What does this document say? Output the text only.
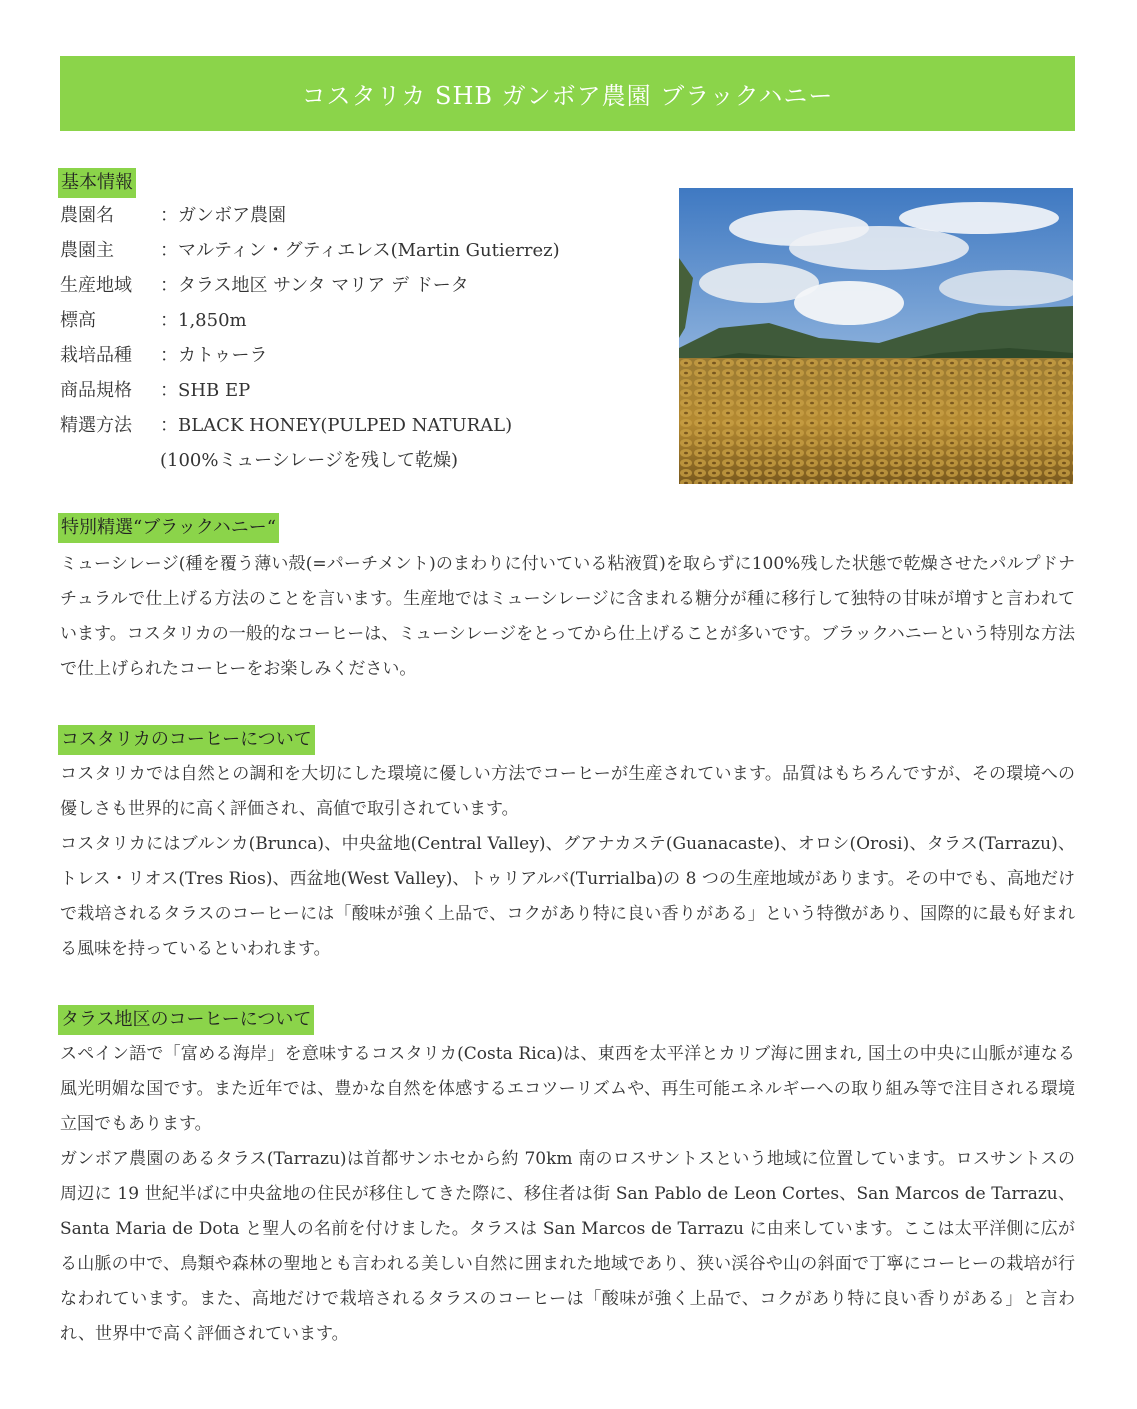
コスタリカ SHB ガンボア農園 ブラックハニー
基本情報
農園名	： ガンボア農園
農園主	： マルティン・グティエレス(Martin Gutierrez)
生産地域	： タラス地区 サンタ マリア デ ドータ
標高	： 1,850m
栽培品種	： カトゥーラ
商品規格	： SHB EP
精選方法	： BLACK HONEY(PULPED NATURAL)
(100%ミューシレージを残して乾燥)
特別精選“ブラックハニー“

ミューシレージ(種を覆う薄い殻(=パーチメント)のまわりに付いている粘液質)を取らずに100%残した状態で乾燥させたパルプドナチュラルで仕上げる方法のことを言います。生産地ではミューシレージに含まれる糖分が種に移行して独特の甘味が増すと言われています。コスタリカの一般的なコーヒーは、ミューシレージをとってから仕上げることが多いです。ブラックハニーという特別な方法で仕上げられたコーヒーをお楽しみください。

コスタリカのコーヒーについて

コスタリカでは自然との調和を大切にした環境に優しい方法でコーヒーが生産されています。品質はもちろんですが、その環境への優しさも世界的に高く評価され、高値で取引されています。

コスタリカにはブルンカ(Brunca)、中央盆地(Central Valley)、グアナカステ(Guanacaste)、オロシ(Orosi)、タラス(Tarrazu)、トレス・リオス(Tres Rios)、西盆地(West Valley)、トゥリアルバ(Turrialba)の 8 つの生産地域があります。その中でも、高地だけで栽培されるタラスのコーヒーには「酸味が強く上品で、コクがあり特に良い香りがある」という特徴があり、国際的に最も好まれる風味を持っているといわれます。

タラス地区のコーヒーについて

スペイン語で「富める海岸」を意味するコスタリカ(Costa Rica)は、東西を太平洋とカリブ海に囲まれ, 国土の中央に山脈が連なる風光明媚な国です。また近年では、豊かな自然を体感するエコツーリズムや、再生可能エネルギーへの取り組み等で注目される環境立国でもあります。

ガンボア農園のあるタラス(Tarrazu)は首都サンホセから約 70km 南のロスサントスという地域に位置しています。ロスサントスの周辺に 19 世紀半ばに中央盆地の住民が移住してきた際に、移住者は街 San Pablo de Leon Cortes、San Marcos de Tarrazu、Santa Maria de Dota と聖人の名前を付けました。タラスは San Marcos de Tarrazu に由来しています。ここは太平洋側に広がる山脈の中で、鳥類や森林の聖地とも言われる美しい自然に囲まれた地域であり、狭い渓谷や山の斜面で丁寧にコーヒーの栽培が行なわれています。また、高地だけで栽培されるタラスのコーヒーは「酸味が強く上品で、コクがあり特に良い香りがある」と言われ、世界中で高く評価されています。
